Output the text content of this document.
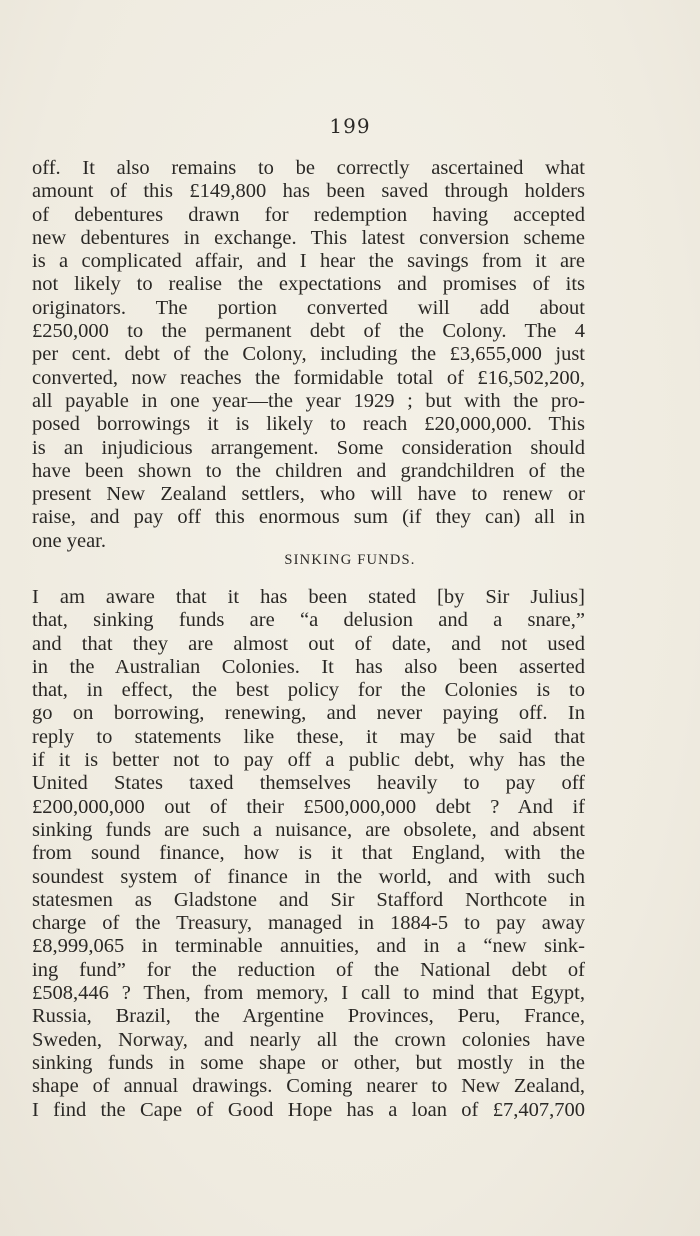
199
off. It also remains to be correctly ascertained what
amount of this £149,800 has been saved through holders
of debentures drawn for redemption having accepted
new debentures in exchange. This latest conversion scheme
is a complicated affair, and I hear the savings from it are
not likely to realise the expectations and promises of its
originators. The portion converted will add about
£250,000 to the permanent debt of the Colony. The 4
per cent. debt of the Colony, including the £3,655,000 just
converted, now reaches the formidable total of £16,502,200,
all payable in one year—the year 1929 ; but with the pro-
posed borrowings it is likely to reach £20,000,000. This
is an injudicious arrangement. Some consideration should
have been shown to the children and grandchildren of the
present New Zealand settlers, who will have to renew or
raise, and pay off this enormous sum (if they can) all in
one year.
SINKING FUNDS.
I am aware that it has been stated [by Sir Julius]
that, sinking funds are “a delusion and a snare,”
and that they are almost out of date, and not used
in the Australian Colonies. It has also been asserted
that, in effect, the best policy for the Colonies is to
go on borrowing, renewing, and never paying off. In
reply to statements like these, it may be said that
if it is better not to pay off a public debt, why has the
United States taxed themselves heavily to pay off
£200,000,000 out of their £500,000,000 debt ? And if
sinking funds are such a nuisance, are obsolete, and absent
from sound finance, how is it that England, with the
soundest system of finance in the world, and with such
statesmen as Gladstone and Sir Stafford Northcote in
charge of the Treasury, managed in 1884-5 to pay away
£8,999,065 in terminable annuities, and in a “new sink-
ing fund” for the reduction of the National debt of
£508,446 ? Then, from memory, I call to mind that Egypt,
Russia, Brazil, the Argentine Provinces, Peru, France,
Sweden, Norway, and nearly all the crown colonies have
sinking funds in some shape or other, but mostly in the
shape of annual drawings. Coming nearer to New Zealand,
I find the Cape of Good Hope has a loan of £7,407,700
